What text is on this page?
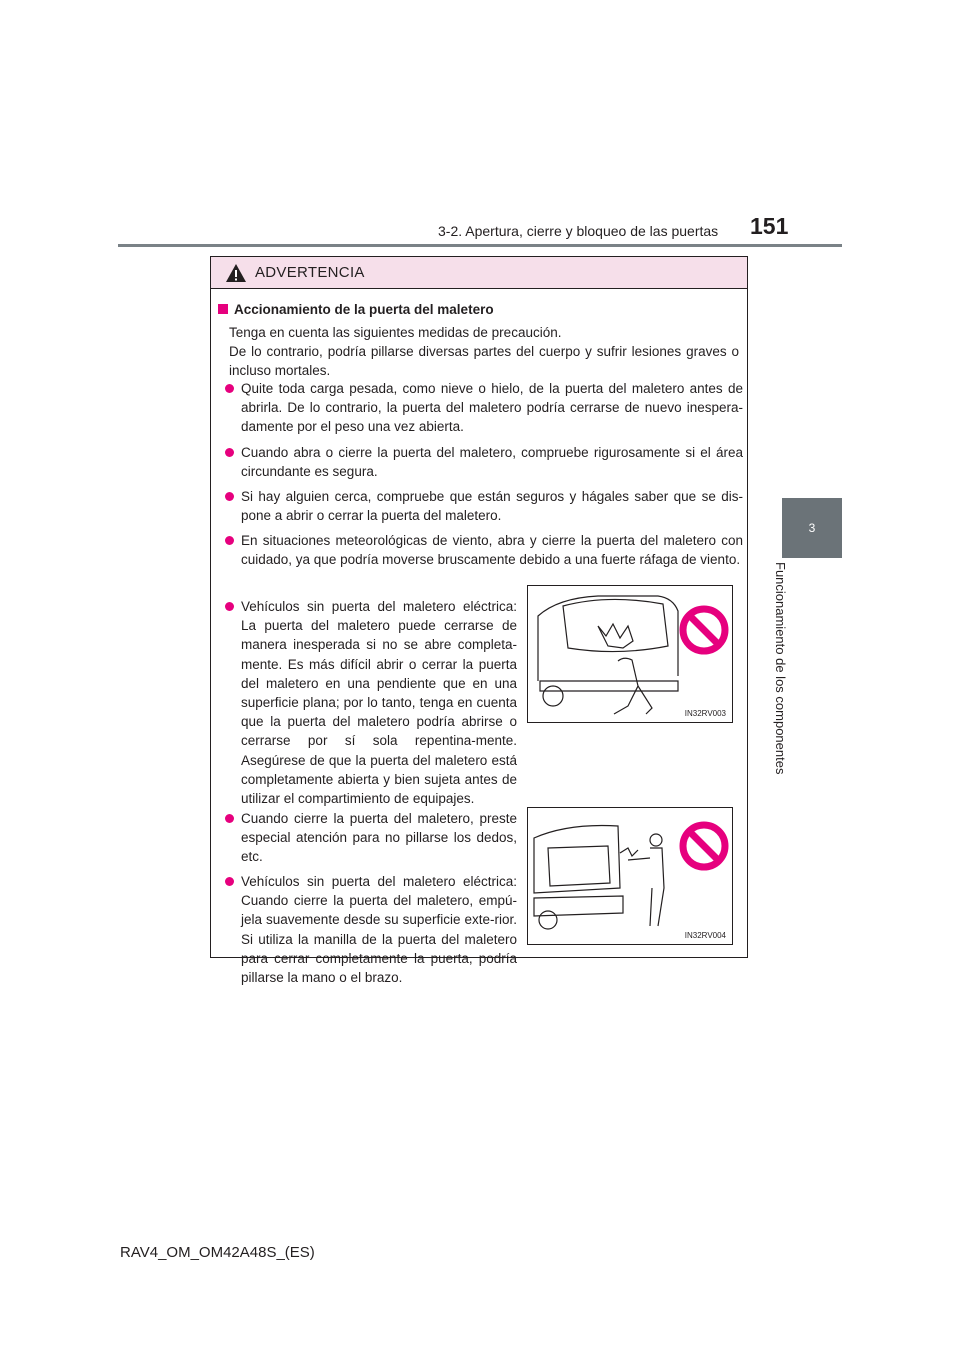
3-2. Apertura, cierre y bloqueo de las puertas 151
3
Funcionamiento de los componentes
ADVERTENCIA
Accionamiento de la puerta del maletero

Tenga en cuenta las siguientes medidas de precaución.

De lo contrario, podría pillarse diversas partes del cuerpo y sufrir lesiones graves o incluso mortales.

Quite toda carga pesada, como nieve o hielo, de la puerta del maletero antes de abrirla. De lo contrario, la puerta del maletero podría cerrarse de nuevo inespera-damente por el peso una vez abierta.
Cuando abra o cierre la puerta del maletero, compruebe rigurosamente si el área circundante es segura.
Si hay alguien cerca, compruebe que están seguros y hágales saber que se dis-pone a abrir o cerrar la puerta del maletero.
En situaciones meteorológicas de viento, abra y cierre la puerta del maletero con cuidado, ya que podría moverse bruscamente debido a una fuerte ráfaga de viento.
Vehículos sin puerta del maletero eléctrica: La puerta del maletero puede cerrarse de manera inesperada si no se abre completa-mente. Es más difícil abrir o cerrar la puerta del maletero en una pendiente que en una superficie plana; por lo tanto, tenga en cuenta que la puerta del maletero podría abrirse o cerrarse por sí sola repentina-mente. Asegúrese de que la puerta del maletero está completamente abierta y bien sujeta antes de utilizar el compartimiento de equipajes.
Cuando cierre la puerta del maletero, preste especial atención para no pillarse los dedos, etc.
Vehículos sin puerta del maletero eléctrica: Cuando cierre la puerta del maletero, empú-jela suavemente desde su superficie exte-rior. Si utiliza la manilla de la puerta del maletero para cerrar completamente la puerta, podría pillarse la mano o el brazo.
IN32RV003
IN32RV004
RAV4_OM_OM42A48S_(ES)
